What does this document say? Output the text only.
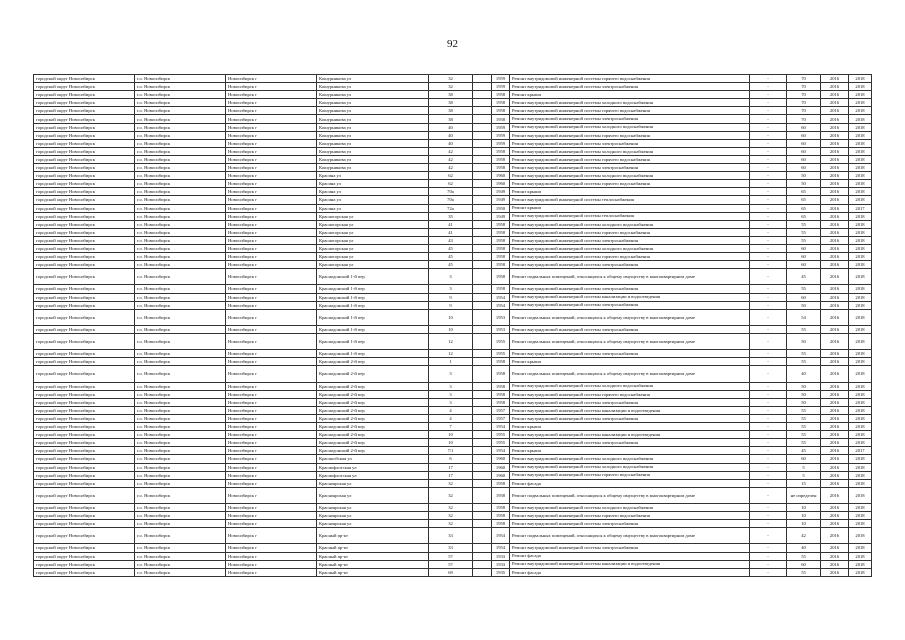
92
городской округ Новосибирск	г.о. Новосибирск	Новосибирск г	Кошурникова ул	32		1959	Ремонт внутридомовой инженерной системы горячего водоснабжения	-	70	2016	2018
городской округ Новосибирск	г.о. Новосибирск	Новосибирск г	Кошурникова ул	32		1959	Ремонт внутридомовой инженерной системы электроснабжения	-	70	2016	2018
городской округ Новосибирск	г.о. Новосибирск	Новосибирск г	Кошурникова ул	38		1958	Ремонт крыши	-	70	2016	2018
городской округ Новосибирск	г.о. Новосибирск	Новосибирск г	Кошурникова ул	38		1958	Ремонт внутридомовой инженерной системы холодного водоснабжения	-	70	2016	2018
городской округ Новосибирск	г.о. Новосибирск	Новосибирск г	Кошурникова ул	38		1958	Ремонт внутридомовой инженерной системы горячего водоснабжения	-	70	2016	2018
городской округ Новосибирск	г.о. Новосибирск	Новосибирск г	Кошурникова ул	38		1958	Ремонт внутридомовой инженерной системы электроснабжения	-	70	2016	2018
городской округ Новосибирск	г.о. Новосибирск	Новосибирск г	Кошурникова ул	40		1959	Ремонт внутридомовой инженерной системы холодного водоснабжения	-	60	2016	2018
городской округ Новосибирск	г.о. Новосибирск	Новосибирск г	Кошурникова ул	40		1959	Ремонт внутридомовой инженерной системы горячего водоснабжения	-	60	2016	2018
городской округ Новосибирск	г.о. Новосибирск	Новосибирск г	Кошурникова ул	40		1959	Ремонт внутридомовой инженерной системы электроснабжения	-	60	2016	2018
городской округ Новосибирск	г.о. Новосибирск	Новосибирск г	Кошурникова ул	42		1958	Ремонт внутридомовой инженерной системы холодного водоснабжения	-	60	2016	2018
городской округ Новосибирск	г.о. Новосибирск	Новосибирск г	Кошурникова ул	42		1958	Ремонт внутридомовой инженерной системы горячего водоснабжения	-	60	2016	2018
городской округ Новосибирск	г.о. Новосибирск	Новосибирск г	Кошурникова ул	42		1958	Ремонт внутридомовой инженерной системы электроснабжения	-	60	2016	2018
городской округ Новосибирск	г.о. Новосибирск	Новосибирск г	Красина ул	62		1960	Ремонт внутридомовой инженерной системы холодного водоснабжения	-	50	2016	2018
городской округ Новосибирск	г.о. Новосибирск	Новосибирск г	Красина ул	62		1960	Ремонт внутридомовой инженерной системы горячего водоснабжения	-	50	2016	2018
городской округ Новосибирск	г.о. Новосибирск	Новосибирск г	Красина ул	70а		1949	Ремонт крыши	-	65	2016	2018
городской округ Новосибирск	г.о. Новосибирск	Новосибирск г	Красина ул	70а		1949	Ремонт внутридомовой инженерной системы теплоснабжения	-	65	2016	2018
городской округ Новосибирск	г.о. Новосибирск	Новосибирск г	Красина ул	72а		1950	Ремонт крыши	-	65	2016	2017
городской округ Новосибирск	г.о. Новосибирск	Новосибирск г	Красногорская ул	35		1949	Ремонт внутридомовой инженерной системы теплоснабжения	-	65	2016	2018
городской округ Новосибирск	г.о. Новосибирск	Новосибирск г	Красногорская ул	41		1958	Ремонт внутридомовой инженерной системы холодного водоснабжения	-	55	2016	2018
городской округ Новосибирск	г.о. Новосибирск	Новосибирск г	Красногорская ул	41		1958	Ремонт внутридомовой инженерной системы горячего водоснабжения	-	55	2016	2018
городской округ Новосибирск	г.о. Новосибирск	Новосибирск г	Красногорская ул	43		1958	Ремонт внутридомовой инженерной системы электроснабжения	-	55	2016	2018
городской округ Новосибирск	г.о. Новосибирск	Новосибирск г	Красногорская ул	45		1958	Ремонт внутридомовой инженерной системы холодного водоснабжения	-	60	2016	2018
городской округ Новосибирск	г.о. Новосибирск	Новосибирск г	Красногорская ул	45		1958	Ремонт внутридомовой инженерной системы горячего водоснабжения	-	60	2016	2018
городской округ Новосибирск	г.о. Новосибирск	Новосибирск г	Красногорская ул	45		1958	Ремонт внутридомовой инженерной системы электроснабжения	-	60	2016	2018
городской округ Новосибирск	г.о. Новосибирск	Новосибирск г	Краснодонский 1-й пер	3		1958	Ремонт подвальных помещений, относящихся к общему имуществу в многоквартирном доме	-	45	2016	2018
городской округ Новосибирск	г.о. Новосибирск	Новосибирск г	Краснодонский 1-й пер	3		1958	Ремонт внутридомовой инженерной системы электроснабжения	-	55	2016	2018
городской округ Новосибирск	г.о. Новосибирск	Новосибирск г	Краснодонский 1-й пер	9		1954	Ремонт внутридомовой инженерной системы канализации и водоотведения	-	60	2016	2018
городской округ Новосибирск	г.о. Новосибирск	Новосибирск г	Краснодонский 1-й пер	9		1954	Ремонт внутридомовой инженерной системы электроснабжения	-	50	2016	2018
городской округ Новосибирск	г.о. Новосибирск	Новосибирск г	Краснодонский 1-й пер	10		1953	Ремонт подвальных помещений, относящихся к общему имуществу в многоквартирном доме	-	54	2016	2018
городской округ Новосибирск	г.о. Новосибирск	Новосибирск г	Краснодонский 1-й пер	10		1953	Ремонт внутридомовой инженерной системы электроснабжения	-	55	2016	2018
городской округ Новосибирск	г.о. Новосибирск	Новосибирск г	Краснодонский 1-й пер	12		1955	Ремонт подвальных помещений, относящихся к общему имуществу в многоквартирном доме	-	50	2016	2018
городской округ Новосибирск	г.о. Новосибирск	Новосибирск г	Краснодонский 1-й пер	12		1955	Ремонт внутридомовой инженерной системы электроснабжения	-	55	2016	2018
городской округ Новосибирск	г.о. Новосибирск	Новосибирск г	Краснодонский 2-й пер	1		1958	Ремонт крыши	-	55	2016	2018
городской округ Новосибирск	г.о. Новосибирск	Новосибирск г	Краснодонский 2-й пер	3		1958	Ремонт подвальных помещений, относящихся к общему имуществу в многоквартирном доме	-	40	2016	2018
городской округ Новосибирск	г.о. Новосибирск	Новосибирск г	Краснодонский 2-й пер	3		1958	Ремонт внутридомовой инженерной системы холодного водоснабжения	-	50	2016	2018
городской округ Новосибирск	г.о. Новосибирск	Новосибирск г	Краснодонский 2-й пер	3		1958	Ремонт внутридомовой инженерной системы горячего водоснабжения	-	50	2016	2018
городской округ Новосибирск	г.о. Новосибирск	Новосибирск г	Краснодонский 2-й пер	3		1958	Ремонт внутридомовой инженерной системы электроснабжения	-	50	2016	2018
городской округ Новосибирск	г.о. Новосибирск	Новосибирск г	Краснодонский 2-й пер	4		1957	Ремонт внутридомовой инженерной системы канализации и водоотведения	-	55	2016	2018
городской округ Новосибирск	г.о. Новосибирск	Новосибирск г	Краснодонский 2-й пер	4		1957	Ремонт внутридомовой инженерной системы электроснабжения	-	55	2016	2018
городской округ Новосибирск	г.о. Новосибирск	Новосибирск г	Краснодонский 2-й пер	7		1954	Ремонт крыши	-	55	2016	2018
городской округ Новосибирск	г.о. Новосибирск	Новосибирск г	Краснодонский 2-й пер	10		1955	Ремонт внутридомовой инженерной системы канализации и водоотведения	-	55	2016	2018
городской округ Новосибирск	г.о. Новосибирск	Новосибирск г	Краснодонский 2-й пер	10		1955	Ремонт внутридомовой инженерной системы электроснабжения	-	55	2016	2018
городской округ Новосибирск	г.о. Новосибирск	Новосибирск г	Краснодонский 2-й пер	7/1		1954	Ремонт крыши	-	45	2016	2017
городской округ Новосибирск	г.о. Новосибирск	Новосибирск г	Краснообская ул	6		1960	Ремонт внутридомовой инженерной системы холодного водоснабжения	-	60	2016	2018
городской округ Новосибирск	г.о. Новосибирск	Новосибирск г	Краснофлотская ул	17		1960	Ремонт внутридомовой инженерной системы холодного водоснабжения	-	5	2016	2018
городской округ Новосибирск	г.о. Новосибирск	Новосибирск г	Краснофлотская ул	17		1960	Ремонт внутридомовой инженерной системы горячего водоснабжения	-	5	2016	2018
городской округ Новосибирск	г.о. Новосибирск	Новосибирск г	Красноярская ул	32		1958	Ремонт фасада	-	15	2016	2018
городской округ Новосибирск	г.о. Новосибирск	Новосибирск г	Красноярская ул	32		1958	Ремонт подвальных помещений, относящихся к общему имуществу в многоквартирном доме	-	не определен	2016	2018
городской округ Новосибирск	г.о. Новосибирск	Новосибирск г	Красноярская ул	32		1958	Ремонт внутридомовой инженерной системы холодного водоснабжения	-	10	2016	2018
городской округ Новосибирск	г.о. Новосибирск	Новосибирск г	Красноярская ул	32		1958	Ремонт внутридомовой инженерной системы горячего водоснабжения	-	10	2016	2018
городской округ Новосибирск	г.о. Новосибирск	Новосибирск г	Красноярская ул	32		1958	Ремонт внутридомовой инженерной системы электроснабжения	-	10	2016	2018
городской округ Новосибирск	г.о. Новосибирск	Новосибирск г	Красный пр-кт	33		1954	Ремонт подвальных помещений, относящихся к общему имуществу в многоквартирном доме	-	42	2016	2018
городской округ Новосибирск	г.о. Новосибирск	Новосибирск г	Красный пр-кт	33		1954	Ремонт внутридомовой инженерной системы электроснабжения	-	40	2016	2018
городской округ Новосибирск	г.о. Новосибирск	Новосибирск г	Красный пр-кт	57		1933	Ремонт фасада	-	55	2016	2018
городской округ Новосибирск	г.о. Новосибирск	Новосибирск г	Красный пр-кт	57		1933	Ремонт внутридомовой инженерной системы канализации и водоотведения	-	60	2016	2018
городской округ Новосибирск	г.о. Новосибирск	Новосибирск г	Красный пр-кт	69		1935	Ремонт фасада	-	55	2016	2018
